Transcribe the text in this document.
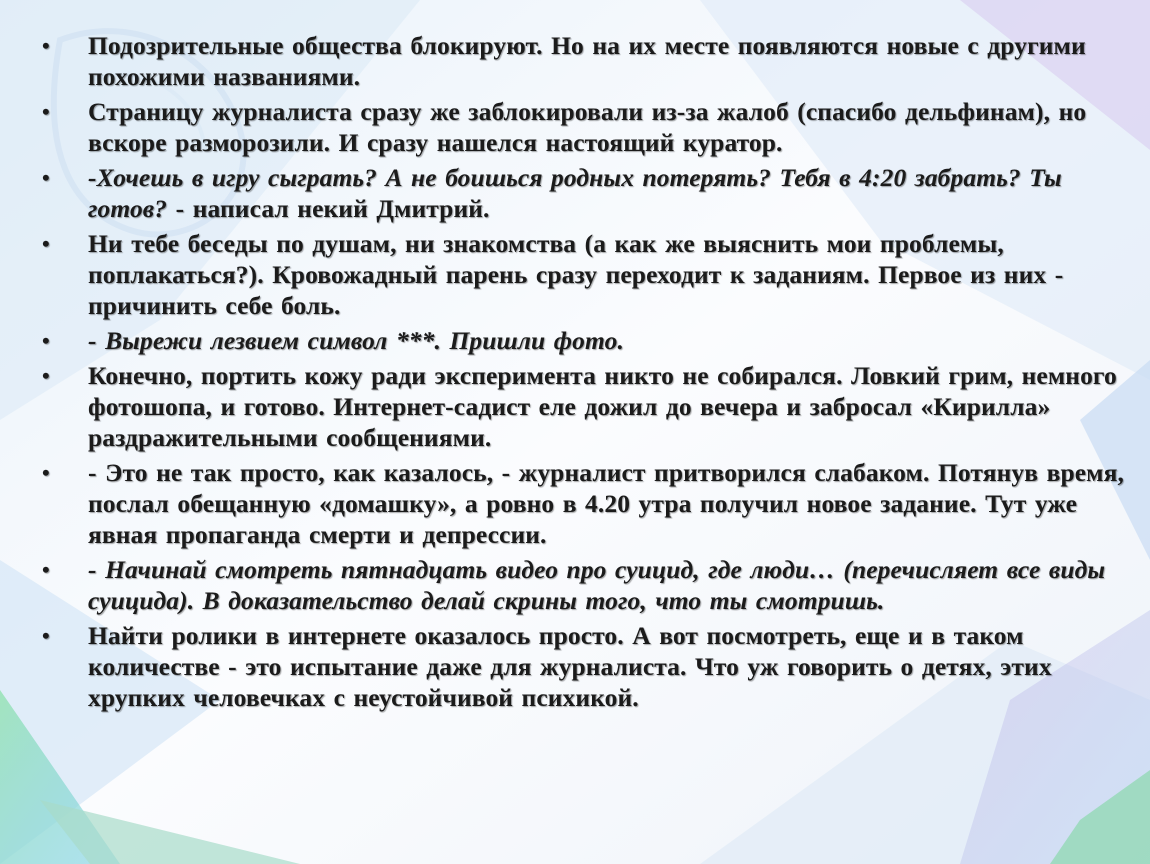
• Подозрительные общества блокируют. Но на их месте появляются новые с другими похожими названиями.
• Страницу журналиста сразу же заблокировали из-за жалоб (спасибо дельфинам), но вскоре разморозили. И сразу нашелся настоящий куратор.
• -Хочешь в игру сыграть? А не боишься родных потерять? Тебя в 4:20 забрать? Ты готов? - написал некий Дмитрий.
• Ни тебе беседы по душам, ни знакомства (а как же выяснить мои проблемы, поплакаться?). Кровожадный парень сразу переходит к заданиям. Первое из них - причинить себе боль.
• - Вырежи лезвием символ ***. Пришли фото.
• Конечно, портить кожу ради эксперимента никто не собирался. Ловкий грим, немного фотошопа, и готово. Интернет-садист еле дожил до вечера и забросал «Кирилла» раздражительными сообщениями.
• - Это не так просто, как казалось, - журналист притворился слабаком. Потянув время, послал обещанную «домашку», а ровно в 4.20 утра получил новое задание. Тут уже явная пропаганда смерти и депрессии.
• - Начинай смотреть пятнадцать видео про суицид, где люди… (перечисляет все виды суицида). В доказательство делай скрины того, что ты смотришь.
• Найти ролики в интернете оказалось просто. А вот посмотреть, еще и в таком количестве - это испытание даже для журналиста. Что уж говорить о детях, этих хрупких человечках с неустойчивой психикой.
